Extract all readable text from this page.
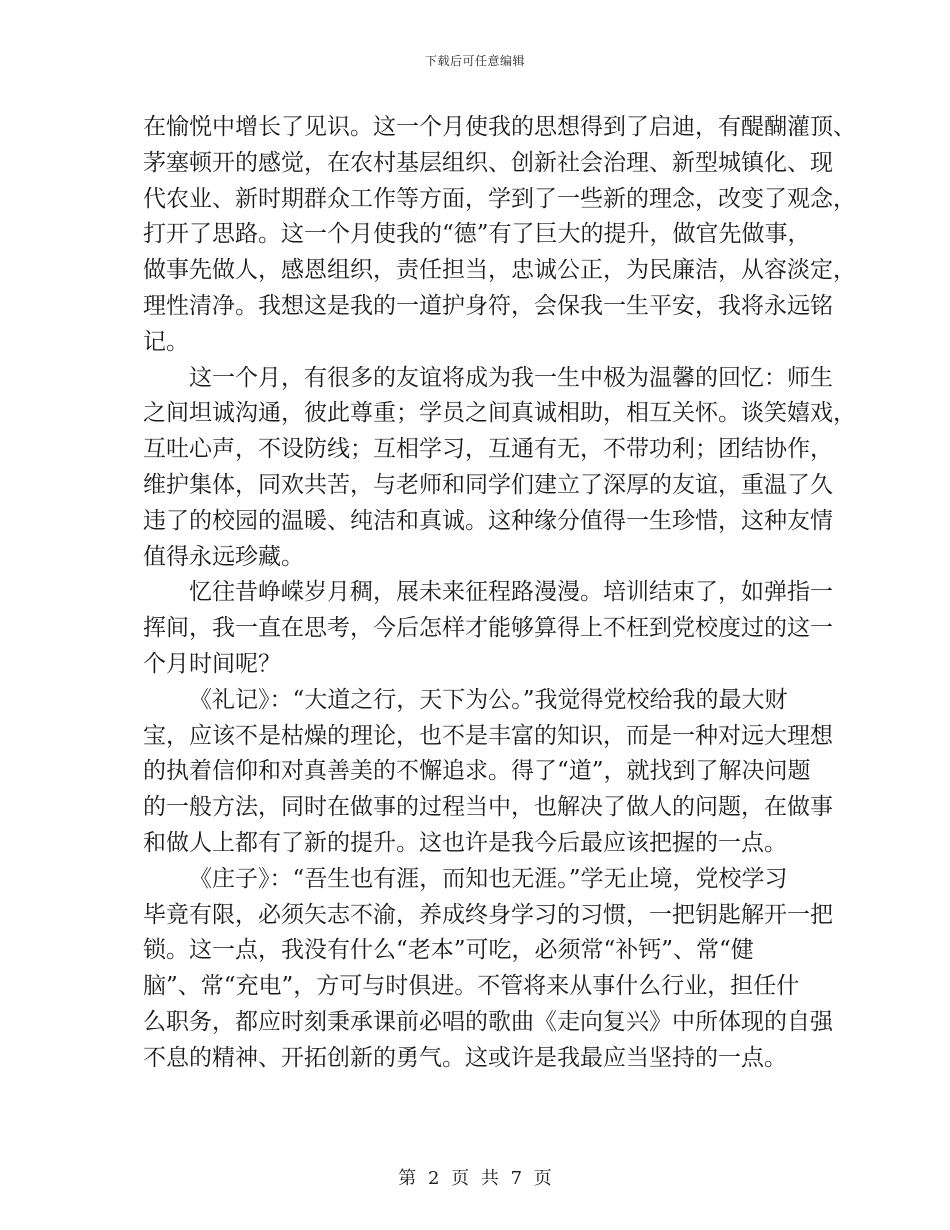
下载后可任意编辑
在愉悦中增长了见识。这一个月使我的思想得到了启迪，有醍醐灌顶、
茅塞顿开的感觉，在农村基层组织、创新社会治理、新型城镇化、现
代农业、新时期群众工作等方面，学到了一些新的理念，改变了观念，
打开了思路。这一个月使我的“德”有了巨大的提升，做官先做事，
做事先做人，感恩组织，责任担当，忠诚公正，为民廉洁，从容淡定，
理性清净。我想这是我的一道护身符，会保我一生平安，我将永远铭
记。
这一个月，有很多的友谊将成为我一生中极为温馨的回忆：师生
之间坦诚沟通，彼此尊重；学员之间真诚相助，相互关怀。谈笑嬉戏，
互吐心声，不设防线；互相学习，互通有无，不带功利；团结协作，
维护集体，同欢共苦，与老师和同学们建立了深厚的友谊，重温了久
违了的校园的温暖、纯洁和真诚。这种缘分值得一生珍惜，这种友情
值得永远珍藏。
忆往昔峥嵘岁月稠，展未来征程路漫漫。培训结束了，如弹指一
挥间，我一直在思考，今后怎样才能够算得上不枉到党校度过的这一
个月时间呢？
《礼记》：“大道之行，天下为公。”我觉得党校给我的最大财
宝，应该不是枯燥的理论，也不是丰富的知识，而是一种对远大理想
的执着信仰和对真善美的不懈追求。得了“道”，就找到了解决问题
的一般方法，同时在做事的过程当中，也解决了做人的问题，在做事
和做人上都有了新的提升。这也许是我今后最应该把握的一点。
《庄子》：“吾生也有涯，而知也无涯。”学无止境，党校学习
毕竟有限，必须矢志不渝，养成终身学习的习惯，一把钥匙解开一把
锁。这一点，我没有什么“老本”可吃，必须常“补钙”、常“健
脑”、常“充电”，方可与时俱进。不管将来从事什么行业，担任什
么职务，都应时刻秉承课前必唱的歌曲《走向复兴》中所体现的自强
不息的精神、开拓创新的勇气。这或许是我最应当坚持的一点。
第 2 页 共 7 页
